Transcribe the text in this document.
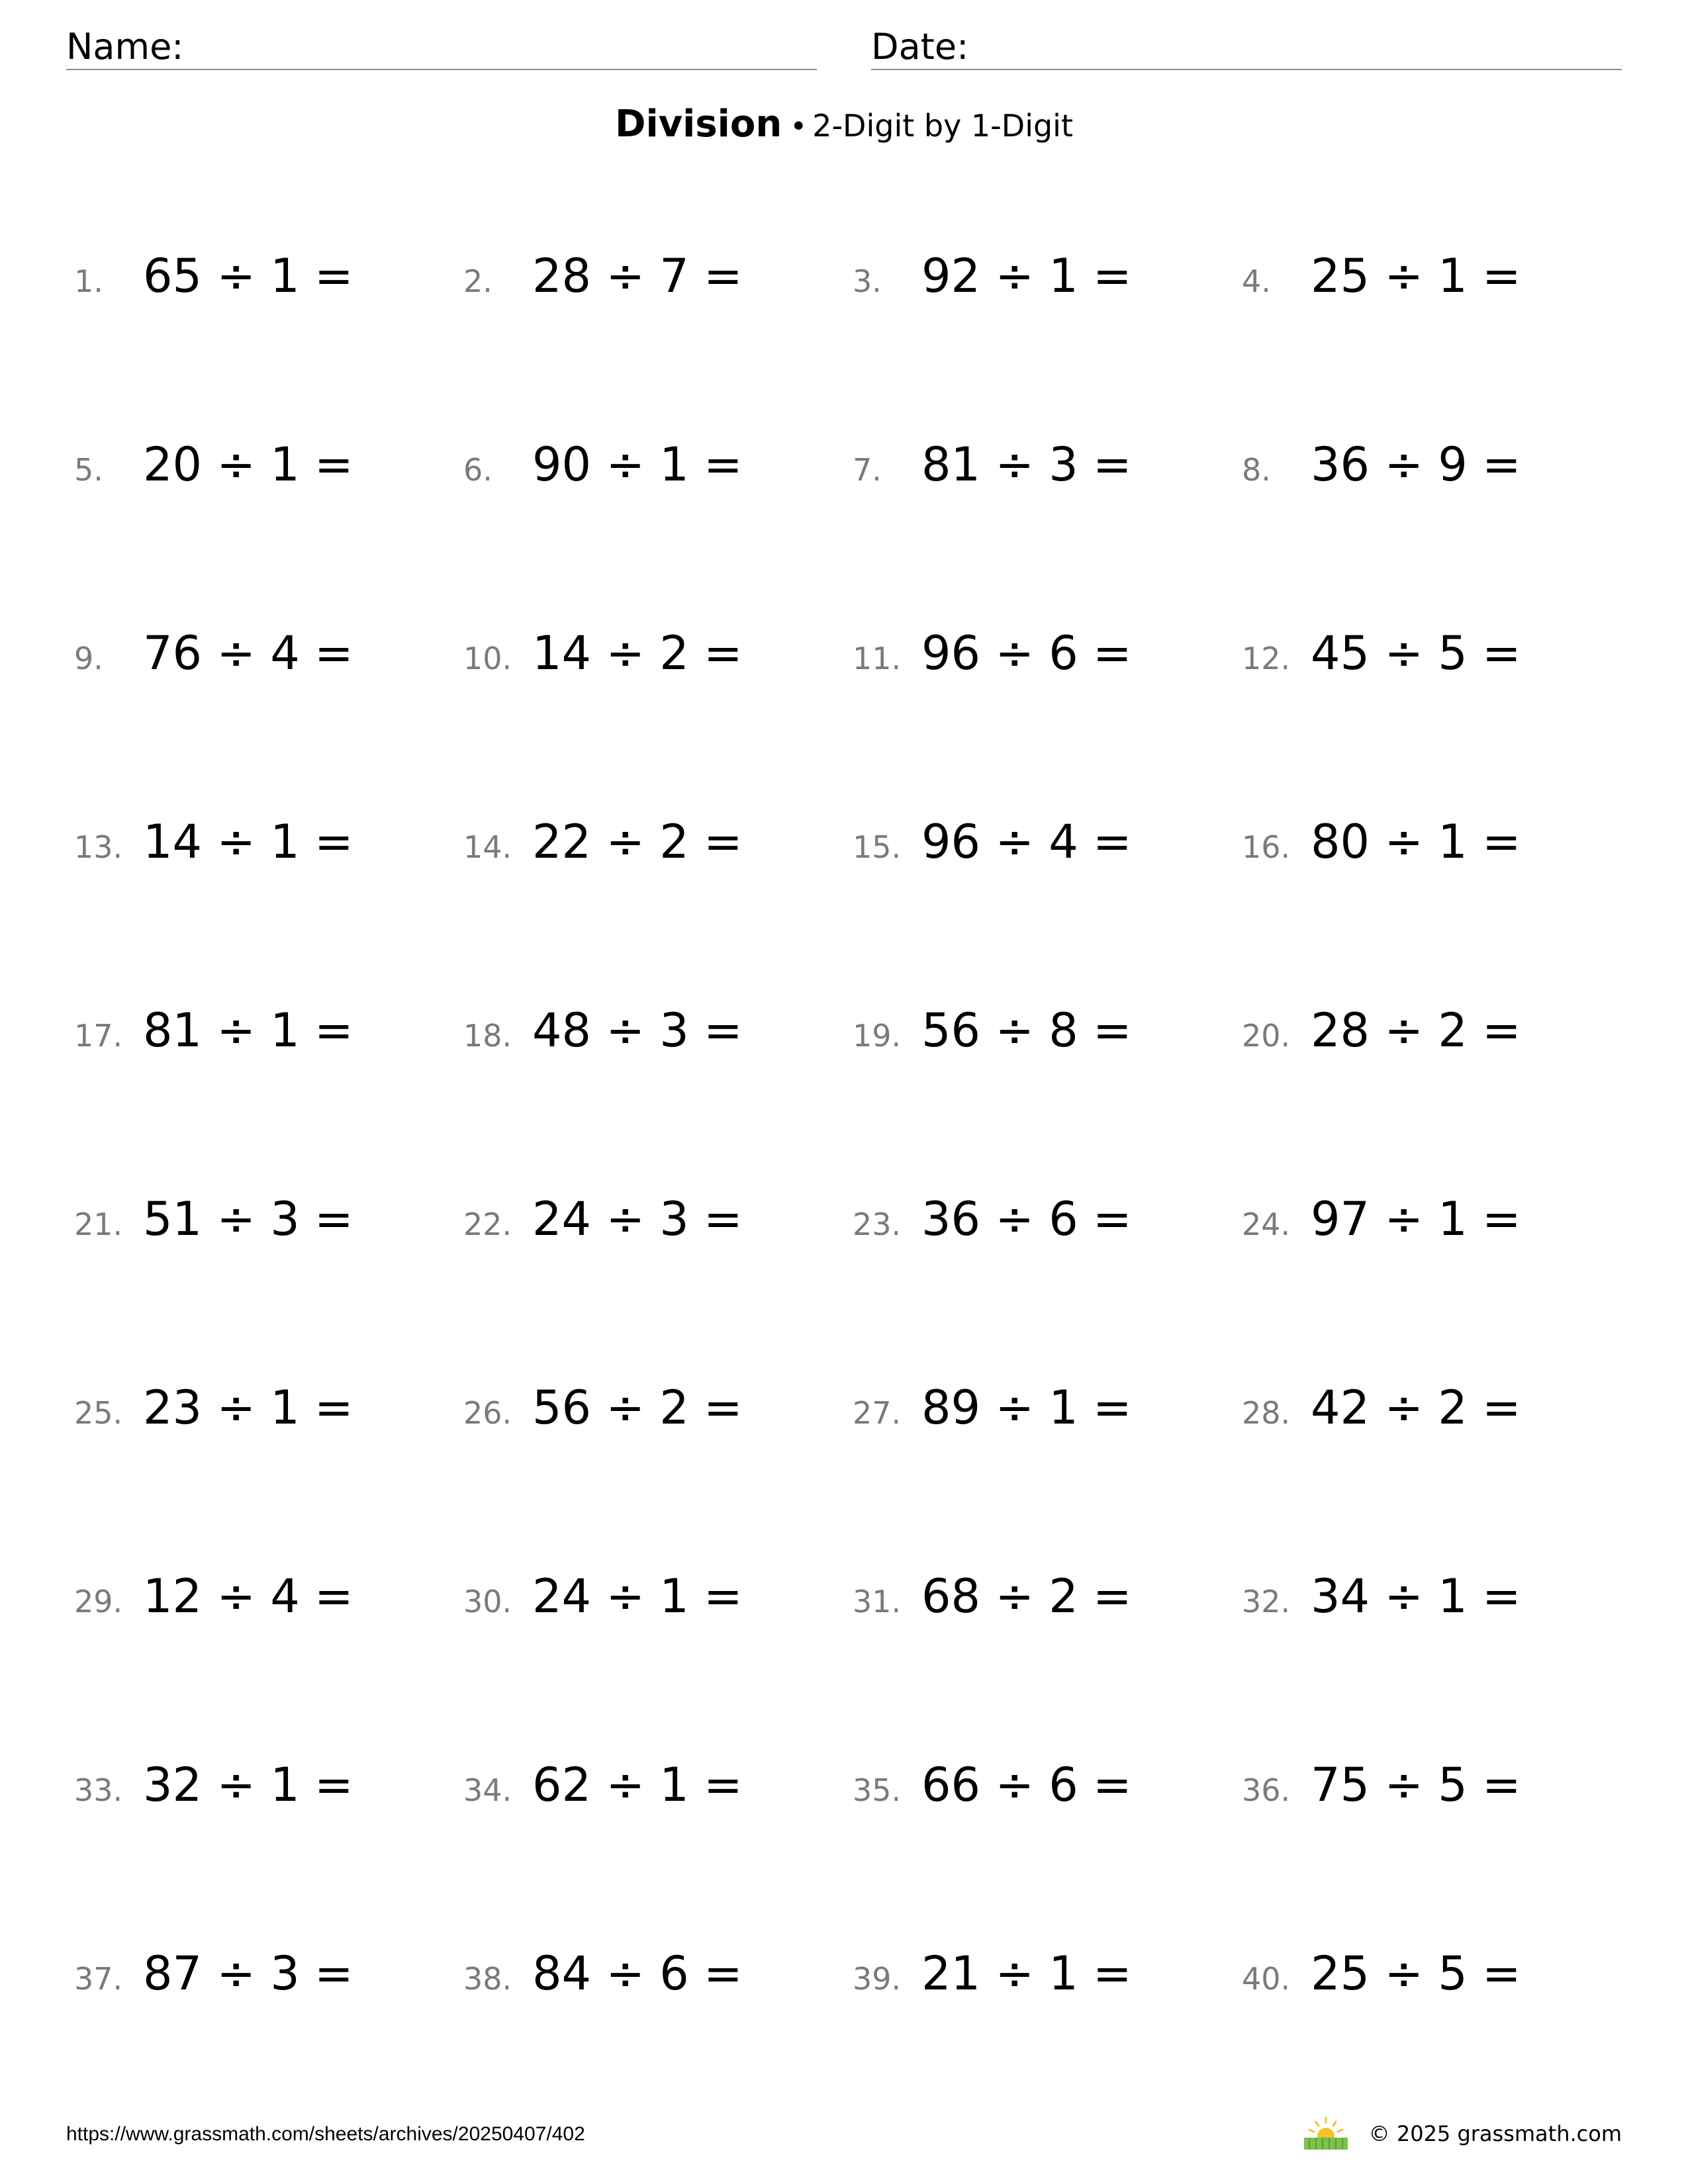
Name:	Date:
Division • 2-Digit by 1-Digit
1. 65 ÷ 1 =	2. 28 ÷ 7 =	3. 92 ÷ 1 =	4. 25 ÷ 1 =
5. 20 ÷ 1 =	6. 90 ÷ 1 =	7. 81 ÷ 3 =	8. 36 ÷ 9 =
9. 76 ÷ 4 =	10. 14 ÷ 2 =	11. 96 ÷ 6 =	12. 45 ÷ 5 =
13. 14 ÷ 1 =	14. 22 ÷ 2 =	15. 96 ÷ 4 =	16. 80 ÷ 1 =
17. 81 ÷ 1 =	18. 48 ÷ 3 =	19. 56 ÷ 8 =	20. 28 ÷ 2 =
21. 51 ÷ 3 =	22. 24 ÷ 3 =	23. 36 ÷ 6 =	24. 97 ÷ 1 =
25. 23 ÷ 1 =	26. 56 ÷ 2 =	27. 89 ÷ 1 =	28. 42 ÷ 2 =
29. 12 ÷ 4 =	30. 24 ÷ 1 =	31. 68 ÷ 2 =	32. 34 ÷ 1 =
33. 32 ÷ 1 =	34. 62 ÷ 1 =	35. 66 ÷ 6 =	36. 75 ÷ 5 =
37. 87 ÷ 3 =	38. 84 ÷ 6 =	39. 21 ÷ 1 =	40. 25 ÷ 5 =
https://www.grassmath.com/sheets/archives/20250407/402	© 2025 grassmath.com
